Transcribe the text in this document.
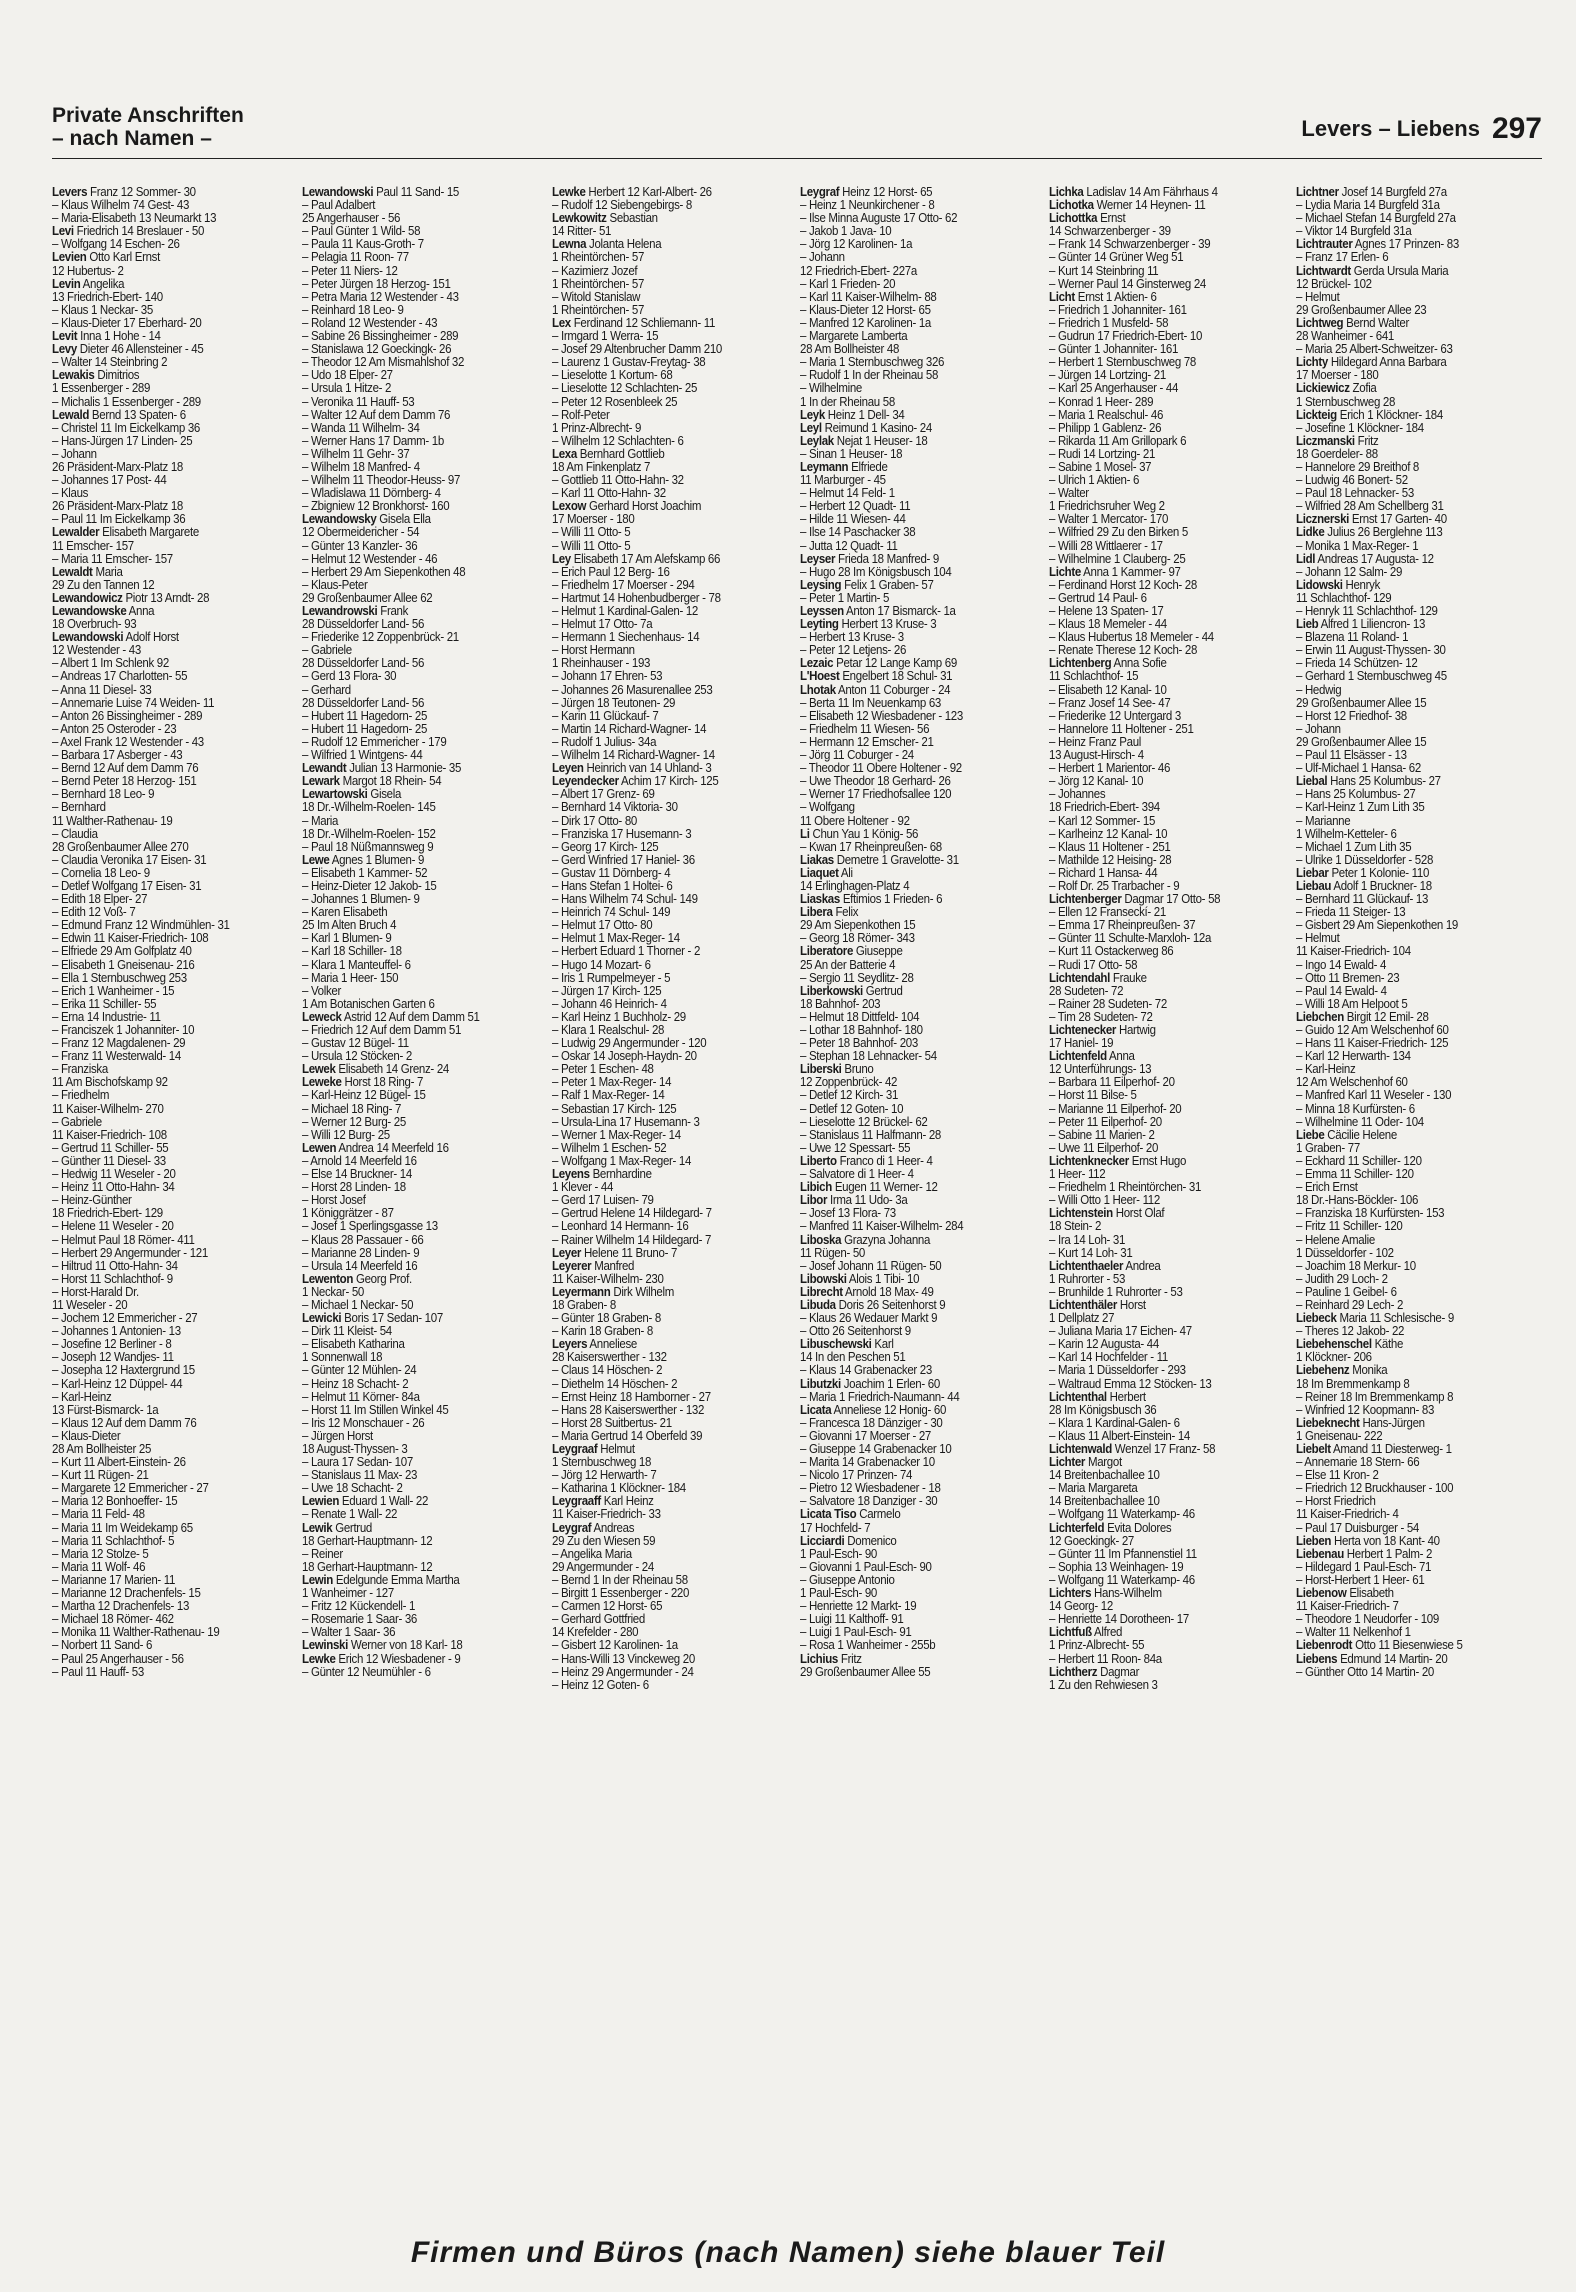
Private Anschriften
– nach Namen –	Levers – Liebens 297
Levers Franz 12 Sommer- 30
– Klaus Wilhelm 74 Gest- 43
– Maria-Elisabeth 13 Neumarkt 13
Levi Friedrich 14 Breslauer - 50
– Wolfgang 14 Eschen- 26
Levien Otto Karl Ernst
12 Hubertus- 2
Levin Angelika
13 Friedrich-Ebert- 140
– Klaus 1 Neckar- 35
– Klaus-Dieter 17 Eberhard- 20
Levit Inna 1 Hohe - 14
Levy Dieter 46 Allensteiner - 45
– Walter 14 Steinbring 2
Lewakis Dimitrios
1 Essenberger - 289
– Michalis 1 Essenberger - 289
Lewald Bernd 13 Spaten- 6
– Christel 11 Im Eickelkamp 36
– Hans-Jürgen 17 Linden- 25
– Johann
26 Präsident-Marx-Platz 18
– Johannes 17 Post- 44
– Klaus
26 Präsident-Marx-Platz 18
– Paul 11 Im Eickelkamp 36
Lewalder Elisabeth Margarete
11 Emscher- 157
– Maria 11 Emscher- 157
Lewaldt Maria
29 Zu den Tannen 12
Lewandowicz Piotr 13 Arndt- 28
Lewandowske Anna
18 Overbruch- 93
Lewandowski Adolf Horst
12 Westender - 43
– Albert 1 Im Schlenk 92
– Andreas 17 Charlotten- 55
– Anna 11 Diesel- 33
– Annemarie Luise 74 Weiden- 11
– Anton 26 Bissingheimer - 289
– Anton 25 Osteroder - 23
– Axel Frank 12 Westender - 43
– Barbara 17 Asberger - 43
– Bernd 12 Auf dem Damm 76
– Bernd Peter 18 Herzog- 151
– Bernhard 18 Leo- 9
– Bernhard
11 Walther-Rathenau- 19
– Claudia
28 Großenbaumer Allee 270
– Claudia Veronika 17 Eisen- 31
– Cornelia 18 Leo- 9
– Detlef Wolfgang 17 Eisen- 31
– Edith 18 Elper- 27
– Edith 12 Voß- 7
– Edmund Franz 12 Windmühlen- 31
– Edwin 11 Kaiser-Friedrich- 108
– Elfriede 29 Am Golfplatz 40
– Elisabeth 1 Gneisenau- 216
– Ella 1 Sternbuschweg 253
– Erich 1 Wanheimer - 15
– Erika 11 Schiller- 55
– Erna 14 Industrie- 11
– Franciszek 1 Johanniter- 10
– Franz 12 Magdalenen- 29
– Franz 11 Westerwald- 14
– Franziska
11 Am Bischofskamp 92
– Friedhelm
11 Kaiser-Wilhelm- 270
– Gabriele
11 Kaiser-Friedrich- 108
– Gertrud 11 Schiller- 55
– Günther 11 Diesel- 33
– Hedwig 11 Weseler - 20
– Heinz 11 Otto-Hahn- 34
– Heinz-Günther
18 Friedrich-Ebert- 129
– Helene 11 Weseler - 20
– Helmut Paul 18 Römer- 411
– Herbert 29 Angermunder - 121
– Hiltrud 11 Otto-Hahn- 34
– Horst 11 Schlachthof- 9
– Horst-Harald Dr.
11 Weseler - 20
– Jochem 12 Emmericher - 27
– Johannes 1 Antonien- 13
– Josefine 12 Berliner - 8
– Joseph 12 Wandjes- 11
– Josepha 12 Haxtergrund 15
– Karl-Heinz 12 Düppel- 44
– Karl-Heinz
13 Fürst-Bismarck- 1a
– Klaus 12 Auf dem Damm 76
– Klaus-Dieter
28 Am Bollheister 25
– Kurt 11 Albert-Einstein- 26
– Kurt 11 Rügen- 21
– Margarete 12 Emmericher - 27
– Maria 12 Bonhoeffer- 15
– Maria 11 Feld- 48
– Maria 11 Im Weidekamp 65
– Maria 11 Schlachthof- 5
– Maria 12 Stolze- 5
– Maria 11 Wolf- 46
– Marianne 17 Marien- 11
– Marianne 12 Drachenfels- 15
– Martha 12 Drachenfels- 13
– Michael 18 Römer- 462
– Monika 11 Walther-Rathenau- 19
– Norbert 11 Sand- 6
– Paul 25 Angerhauser - 56
– Paul 11 Hauff- 53
Lewandowski Paul 11 Sand- 15
– Paul Adalbert
25 Angerhauser - 56
– Paul Günter 1 Wild- 58
– Paula 11 Kaus-Groth- 7
– Pelagia 11 Roon- 77
– Peter 11 Niers- 12
– Peter Jürgen 18 Herzog- 151
– Petra Maria 12 Westender - 43
– Reinhard 18 Leo- 9
– Roland 12 Westender - 43
– Sabine 26 Bissingheimer - 289
– Stanislawa 12 Goeckingk- 26
– Theodor 12 Am Mismahlshof 32
– Udo 18 Elper- 27
– Ursula 1 Hitze- 2
– Veronika 11 Hauff- 53
– Walter 12 Auf dem Damm 76
– Wanda 11 Wilhelm- 34
– Werner Hans 17 Damm- 1b
– Wilhelm 11 Gehr- 37
– Wilhelm 18 Manfred- 4
– Wilhelm 11 Theodor-Heuss- 97
– Wladislawa 11 Dörnberg- 4
– Zbigniew 12 Bronkhorst- 160
Lewandowsky Gisela Ella
12 Obermeidericher - 54
– Günter 13 Kanzler- 36
– Helmut 12 Westender - 46
– Herbert 29 Am Siepenkothen 48
– Klaus-Peter
29 Großenbaumer Allee 62
Lewandrowski Frank
28 Düsseldorfer Land- 56
– Friederike 12 Zoppenbrück- 21
– Gabriele
28 Düsseldorfer Land- 56
– Gerd 13 Flora- 30
– Gerhard
28 Düsseldorfer Land- 56
– Hubert 11 Hagedorn- 25
– Hubert 11 Hagedorn- 25
– Rudolf 12 Emmericher - 179
– Wilfried 1 Wintgens- 44
Lewandt Julian 13 Harmonie- 35
Lewark Margot 18 Rhein- 54
Lewartowski Gisela
18 Dr.-Wilhelm-Roelen- 145
– Maria
18 Dr.-Wilhelm-Roelen- 152
– Paul 18 Nüßmannsweg 9
Lewe Agnes 1 Blumen- 9
– Elisabeth 1 Kammer- 52
– Heinz-Dieter 12 Jakob- 15
– Johannes 1 Blumen- 9
– Karen Elisabeth
25 Im Alten Bruch 4
– Karl 1 Blumen- 9
– Karl 18 Schiller- 18
– Klara 1 Manteuffel- 6
– Maria 1 Heer- 150
– Volker
1 Am Botanischen Garten 6
Leweck Astrid 12 Auf dem Damm 51
– Friedrich 12 Auf dem Damm 51
– Gustav 12 Bügel- 11
– Ursula 12 Stöcken- 2
Lewek Elisabeth 14 Grenz- 24
Leweke Horst 18 Ring- 7
– Karl-Heinz 12 Bügel- 15
– Michael 18 Ring- 7
– Werner 12 Burg- 25
– Willi 12 Burg- 25
Lewen Andrea 14 Meerfeld 16
– Arnold 14 Meerfeld 16
– Else 14 Bruckner- 14
– Horst 28 Linden- 18
– Horst Josef
1 Königgrätzer - 87
– Josef 1 Sperlingsgasse 13
– Klaus 28 Passauer - 66
– Marianne 28 Linden- 9
– Ursula 14 Meerfeld 16
Lewenton Georg Prof.
1 Neckar- 50
– Michael 1 Neckar- 50
Lewicki Boris 17 Sedan- 107
– Dirk 11 Kleist- 54
– Elisabeth Katharina
1 Sonnenwall 18
– Günter 12 Mühlen- 24
– Heinz 18 Schacht- 2
– Helmut 11 Körner- 84a
– Horst 11 Im Stillen Winkel 45
– Iris 12 Monschauer - 26
– Jürgen Horst
18 August-Thyssen- 3
– Laura 17 Sedan- 107
– Stanislaus 11 Max- 23
– Uwe 18 Schacht- 2
Lewien Eduard 1 Wall- 22
– Renate 1 Wall- 22
Lewik Gertrud
18 Gerhart-Hauptmann- 12
– Reiner
18 Gerhart-Hauptmann- 12
Lewin Edelgunde Emma Martha
1 Wanheimer - 127
– Fritz 12 Kückendell- 1
– Rosemarie 1 Saar- 36
– Walter 1 Saar- 36
Lewinski Werner von 18 Karl- 18
Lewke Erich 12 Wiesbadener - 9
– Günter 12 Neumühler - 6
Lewke Herbert 12 Karl-Albert- 26
– Rudolf 12 Siebengebirgs- 8
Lewkowitz Sebastian
14 Ritter- 51
Lewna Jolanta Helena
1 Rheintörchen- 57
– Kazimierz Jozef
1 Rheintörchen- 57
– Witold Stanislaw
1 Rheintörchen- 57
Lex Ferdinand 12 Schliemann- 11
– Irmgard 1 Werra- 15
– Josef 29 Altenbrucher Damm 210
– Laurenz 1 Gustav-Freytag- 38
– Lieselotte 1 Kortum- 68
– Lieselotte 12 Schlachten- 25
– Peter 12 Rosenbleek 25
– Rolf-Peter
1 Prinz-Albrecht- 9
– Wilhelm 12 Schlachten- 6
Lexa Bernhard Gottlieb
18 Am Finkenplatz 7
– Gottlieb 11 Otto-Hahn- 32
– Karl 11 Otto-Hahn- 32
Lexow Gerhard Horst Joachim
17 Moerser - 180
– Willi 11 Otto- 5
– Willi 11 Otto- 5
Ley Elisabeth 17 Am Alefskamp 66
– Erich Paul 12 Berg- 16
– Friedhelm 17 Moerser - 294
– Hartmut 14 Hohenbudberger - 78
– Helmut 1 Kardinal-Galen- 12
– Helmut 17 Otto- 7a
– Hermann 1 Siechenhaus- 14
– Horst Hermann
1 Rheinhauser - 193
– Johann 17 Ehren- 53
– Johannes 26 Masurenallee 253
– Jürgen 18 Teutonen- 29
– Karin 11 Glückauf- 7
– Martin 14 Richard-Wagner- 14
– Rudolf 1 Julius- 34a
– Wilhelm 14 Richard-Wagner- 14
Leyen Heinrich van 14 Uhland- 3
Leyendecker Achim 17 Kirch- 125
– Albert 17 Grenz- 69
– Bernhard 14 Viktoria- 30
– Dirk 17 Otto- 80
– Franziska 17 Husemann- 3
– Georg 17 Kirch- 125
– Gerd Winfried 17 Haniel- 36
– Gustav 11 Dörnberg- 4
– Hans Stefan 1 Holtei- 6
– Hans Wilhelm 74 Schul- 149
– Heinrich 74 Schul- 149
– Helmut 17 Otto- 80
– Helmut 1 Max-Reger- 14
– Herbert Eduard 1 Thorner - 2
– Hugo 14 Mozart- 6
– Iris 1 Rumpelmeyer - 5
– Jürgen 17 Kirch- 125
– Johann 46 Heinrich- 4
– Karl Heinz 1 Buchholz- 29
– Klara 1 Realschul- 28
– Ludwig 29 Angermunder - 120
– Oskar 14 Joseph-Haydn- 20
– Peter 1 Eschen- 48
– Peter 1 Max-Reger- 14
– Ralf 1 Max-Reger- 14
– Sebastian 17 Kirch- 125
– Ursula-Lina 17 Husemann- 3
– Werner 1 Max-Reger- 14
– Wilhelm 1 Eschen- 52
– Wolfgang 1 Max-Reger- 14
Leyens Bernhardine
1 Klever - 44
– Gerd 17 Luisen- 79
– Gertrud Helene 14 Hildegard- 7
– Leonhard 14 Hermann- 16
– Rainer Wilhelm 14 Hildegard- 7
Leyer Helene 11 Bruno- 7
Leyerer Manfred
11 Kaiser-Wilhelm- 230
Leyermann Dirk Wilhelm
18 Graben- 8
– Günter 18 Graben- 8
– Karin 18 Graben- 8
Leyers Anneliese
28 Kaiserswerther - 132
– Claus 14 Höschen- 2
– Diethelm 14 Höschen- 2
– Ernst Heinz 18 Hamborner - 27
– Hans 28 Kaiserswerther - 132
– Horst 28 Suitbertus- 21
– Maria Gertrud 14 Oberfeld 39
Leygraaf Helmut
1 Sternbuschweg 18
– Jörg 12 Herwarth- 7
– Katharina 1 Klöckner- 184
Leygraaff Karl Heinz
11 Kaiser-Friedrich- 33
Leygraf Andreas
29 Zu den Wiesen 59
– Angelika Maria
29 Angermunder - 24
– Bernd 1 In der Rheinau 58
– Birgitt 1 Essenberger - 220
– Carmen 12 Horst- 65
– Gerhard Gottfried
14 Krefelder - 280
– Gisbert 12 Karolinen- 1a
– Hans-Willi 13 Vinckeweg 20
– Heinz 29 Angermunder - 24
– Heinz 12 Goten- 6
Leygraf Heinz 12 Horst- 65
– Heinz 1 Neunkirchener - 8
– Ilse Minna Auguste 17 Otto- 62
– Jakob 1 Java- 10
– Jörg 12 Karolinen- 1a
– Johann
12 Friedrich-Ebert- 227a
– Karl 1 Frieden- 20
– Karl 11 Kaiser-Wilhelm- 88
– Klaus-Dieter 12 Horst- 65
– Manfred 12 Karolinen- 1a
– Margarete Lamberta
28 Am Bollheister 48
– Maria 1 Sternbuschweg 326
– Rudolf 1 In der Rheinau 58
– Wilhelmine
1 In der Rheinau 58
Leyk Heinz 1 Dell- 34
Leyl Reimund 1 Kasino- 24
Leylak Nejat 1 Heuser- 18
– Sinan 1 Heuser- 18
Leymann Elfriede
11 Marburger - 45
– Helmut 14 Feld- 1
– Herbert 12 Quadt- 11
– Hilde 11 Wiesen- 44
– Ilse 14 Paschacker 38
– Jutta 12 Quadt- 11
Leyser Frieda 18 Manfred- 9
– Hugo 28 Im Königsbusch 104
Leysing Felix 1 Graben- 57
– Peter 1 Martin- 5
Leyssen Anton 17 Bismarck- 1a
Leyting Herbert 13 Kruse- 3
– Herbert 13 Kruse- 3
– Peter 12 Letjens- 26
Lezaic Petar 12 Lange Kamp 69
L'Hoest Engelbert 18 Schul- 31
Lhotak Anton 11 Coburger - 24
– Berta 11 Im Neuenkamp 63
– Elisabeth 12 Wiesbadener - 123
– Friedhelm 11 Wiesen- 56
– Hermann 12 Emscher- 21
– Jörg 11 Coburger - 24
– Theodor 11 Obere Holtener - 92
– Uwe Theodor 18 Gerhard- 26
– Werner 17 Friedhofsallee 120
– Wolfgang
11 Obere Holtener - 92
Li Chun Yau 1 König- 56
– Kwan 17 Rheinpreußen- 68
Liakas Demetre 1 Gravelotte- 31
Liaquet Ali
14 Erlinghagen-Platz 4
Liaskas Eftimios 1 Frieden- 6
Libera Felix
29 Am Siepenkothen 15
– Georg 18 Römer- 343
Liberatore Giuseppe
25 An der Batterie 4
– Sergio 11 Seydlitz- 28
Liberkowski Gertrud
18 Bahnhof- 203
– Helmut 18 Dittfeld- 104
– Lothar 18 Bahnhof- 180
– Peter 18 Bahnhof- 203
– Stephan 18 Lehnacker- 54
Liberski Bruno
12 Zoppenbrück- 42
– Detlef 12 Kirch- 31
– Detlef 12 Goten- 10
– Lieselotte 12 Brückel- 62
– Stanislaus 11 Halfmann- 28
– Uwe 12 Spessart- 55
Liberto Franco di 1 Heer- 4
– Salvatore di 1 Heer- 4
Libich Eugen 11 Werner- 12
Libor Irma 11 Udo- 3a
– Josef 13 Flora- 73
– Manfred 11 Kaiser-Wilhelm- 284
Liboska Grazyna Johanna
11 Rügen- 50
– Josef Johann 11 Rügen- 50
Libowski Alois 1 Tibi- 10
Librecht Arnold 18 Max- 49
Libuda Doris 26 Seitenhorst 9
– Klaus 26 Wedauer Markt 9
– Otto 26 Seitenhorst 9
Libuschewski Karl
14 In den Peschen 51
– Klaus 14 Grabenacker 23
Libutzki Joachim 1 Erlen- 60
– Maria 1 Friedrich-Naumann- 44
Licata Anneliese 12 Honig- 60
– Francesca 18 Dänziger - 30
– Giovanni 17 Moerser - 27
– Giuseppe 14 Grabenacker 10
– Marita 14 Grabenacker 10
– Nicolo 17 Prinzen- 74
– Pietro 12 Wiesbadener - 18
– Salvatore 18 Danziger - 30
Licata Tiso Carmelo
17 Hochfeld- 7
Licciardi Domenico
1 Paul-Esch- 90
– Giovanni 1 Paul-Esch- 90
– Giuseppe Antonio
1 Paul-Esch- 90
– Henriette 12 Markt- 19
– Luigi 11 Kalthoff- 91
– Luigi 1 Paul-Esch- 91
– Rosa 1 Wanheimer - 255b
Lichius Fritz
29 Großenbaumer Allee 55
Lichka Ladislav 14 Am Fährhaus 4
Lichotka Werner 14 Heynen- 11
Lichottka Ernst
14 Schwarzenberger - 39
– Frank 14 Schwarzenberger - 39
– Günter 14 Grüner Weg 51
– Kurt 14 Steinbring 11
– Werner Paul 14 Ginsterweg 24
Licht Ernst 1 Aktien- 6
– Friedrich 1 Johanniter- 161
– Friedrich 1 Musfeld- 58
– Gudrun 17 Friedrich-Ebert- 10
– Günter 1 Johanniter- 161
– Herbert 1 Sternbuschweg 78
– Jürgen 14 Lortzing- 21
– Karl 25 Angerhauser - 44
– Konrad 1 Heer- 289
– Maria 1 Realschul- 46
– Philipp 1 Gablenz- 26
– Rikarda 11 Am Grillopark 6
– Rudi 14 Lortzing- 21
– Sabine 1 Mosel- 37
– Ulrich 1 Aktien- 6
– Walter
1 Friedrichsruher Weg 2
– Walter 1 Mercator- 170
– Wilfried 29 Zu den Birken 5
– Willi 28 Wittlaerer - 17
– Wilhelmine 1 Clauberg- 25
Lichte Anna 1 Kammer- 97
– Ferdinand Horst 12 Koch- 28
– Gertrud 14 Paul- 6
– Helene 13 Spaten- 17
– Klaus 18 Memeler - 44
– Klaus Hubertus 18 Memeler - 44
– Renate Therese 12 Koch- 28
Lichtenberg Anna Sofie
11 Schlachthof- 15
– Elisabeth 12 Kanal- 10
– Franz Josef 14 See- 47
– Friederike 12 Untergard 3
– Hannelore 11 Holtener - 251
– Heinz Franz Paul
13 August-Hirsch- 4
– Herbert 1 Marientor- 46
– Jörg 12 Kanal- 10
– Johannes
18 Friedrich-Ebert- 394
– Karl 12 Sommer- 15
– Karlheinz 12 Kanal- 10
– Klaus 11 Holtener - 251
– Mathilde 12 Heising- 28
– Richard 1 Hansa- 44
– Rolf Dr. 25 Trarbacher - 9
Lichtenberger Dagmar 17 Otto- 58
– Ellen 12 Franseckí- 21
– Emma 17 Rheinpreußen- 37
– Günter 11 Schulte-Marxloh- 12a
– Kurt 11 Ostackerweg 86
– Rudi 17 Otto- 58
Lichtendahl Frauke
28 Sudeten- 72
– Rainer 28 Sudeten- 72
– Tim 28 Sudeten- 72
Lichtenecker Hartwig
17 Haniel- 19
Lichtenfeld Anna
12 Unterführungs- 13
– Barbara 11 Eilperhof- 20
– Horst 11 Bilse- 5
– Marianne 11 Eilperhof- 20
– Peter 11 Eilperhof- 20
– Sabine 11 Marien- 2
– Uwe 11 Eilperhof- 20
Lichtenknecker Ernst Hugo
1 Heer- 112
– Friedhelm 1 Rheintörchen- 31
– Willi Otto 1 Heer- 112
Lichtenstein Horst Olaf
18 Stein- 2
– Ira 14 Loh- 31
– Kurt 14 Loh- 31
Lichtenthaeler Andrea
1 Ruhrorter - 53
– Brunhilde 1 Ruhrorter - 53
Lichtenthäler Horst
1 Dellplatz 27
– Juliana Maria 17 Eichen- 47
– Karin 12 Augusta- 44
– Karl 14 Hochfelder - 11
– Maria 1 Düsseldorfer - 293
– Waltraud Emma 12 Stöcken- 13
Lichtenthal Herbert
28 Im Königsbusch 36
– Klara 1 Kardinal-Galen- 6
– Klaus 11 Albert-Einstein- 14
Lichtenwald Wenzel 17 Franz- 58
Lichter Margot
14 Breitenbachallee 10
– Maria Margareta
14 Breitenbachallee 10
– Wolfgang 11 Waterkamp- 46
Lichterfeld Evita Dolores
12 Goeckingk- 27
– Günter 11 Im Pfannenstiel 11
– Sophia 13 Weinhagen- 19
– Wolfgang 11 Waterkamp- 46
Lichters Hans-Wilhelm
14 Georg- 12
– Henriette 14 Dorotheen- 17
Lichtfuß Alfred
1 Prinz-Albrecht- 55
– Herbert 11 Roon- 84a
Lichtherz Dagmar
1 Zu den Rehwiesen 3
Lichtner Josef 14 Burgfeld 27a
– Lydia Maria 14 Burgfeld 31a
– Michael Stefan 14 Burgfeld 27a
– Viktor 14 Burgfeld 31a
Lichtrauter Agnes 17 Prinzen- 83
– Franz 17 Erlen- 6
Lichtwardt Gerda Ursula Maria
12 Brückel- 102
– Helmut
29 Großenbaumer Allee 23
Lichtweg Bernd Walter
28 Wanheimer - 641
– Maria 25 Albert-Schweitzer- 63
Lichty Hildegard Anna Barbara
17 Moerser - 180
Lickiewicz Zofia
1 Sternbuschweg 28
Lickteig Erich 1 Klöckner- 184
– Josefine 1 Klöckner- 184
Liczmanski Fritz
18 Goerdeler- 88
– Hannelore 29 Breithof 8
– Ludwig 46 Bonert- 52
– Paul 18 Lehnacker- 53
– Wilfried 28 Am Schellberg 31
Licznerski Ernst 17 Garten- 40
Lidke Julius 26 Berglehne 113
– Monika 1 Max-Reger- 1
Lidl Andreas 17 Augusta- 12
– Johann 12 Salm- 29
Lidowski Henryk
11 Schlachthof- 129
– Henryk 11 Schlachthof- 129
Lieb Alfred 1 Liliencron- 13
– Blazena 11 Roland- 1
– Erwin 11 August-Thyssen- 30
– Frieda 14 Schützen- 12
– Gerhard 1 Sternbuschweg 45
– Hedwig
29 Großenbaumer Allee 15
– Horst 12 Friedhof- 38
– Johann
29 Großenbaumer Allee 15
– Paul 11 Elsässer - 13
– Ulf-Michael 1 Hansa- 62
Liebal Hans 25 Kolumbus- 27
– Hans 25 Kolumbus- 27
– Karl-Heinz 1 Zum Lith 35
– Marianne
1 Wilhelm-Ketteler- 6
– Michael 1 Zum Lith 35
– Ulrike 1 Düsseldorfer - 528
Liebar Peter 1 Kolonie- 110
Liebau Adolf 1 Bruckner- 18
– Bernhard 11 Glückauf- 13
– Frieda 11 Steiger- 13
– Gisbert 29 Am Siepenkothen 19
– Helmut
11 Kaiser-Friedrich- 104
– Ingo 14 Ewald- 4
– Otto 11 Bremen- 23
– Paul 14 Ewald- 4
– Willi 18 Am Helpoot 5
Liebchen Birgit 12 Emil- 28
– Guido 12 Am Welschenhof 60
– Hans 11 Kaiser-Friedrich- 125
– Karl 12 Herwarth- 134
– Karl-Heinz
12 Am Welschenhof 60
– Manfred Karl 11 Weseler - 130
– Minna 18 Kurfürsten- 6
– Wilhelmine 11 Oder- 104
Liebe Cäcilie Helene
1 Graben- 77
– Eckhard 11 Schiller- 120
– Emma 11 Schiller- 120
– Erich Ernst
18 Dr.-Hans-Böckler- 106
– Franziska 18 Kurfürsten- 153
– Fritz 11 Schiller- 120
– Helene Amalie
1 Düsseldorfer - 102
– Joachim 18 Merkur- 10
– Judith 29 Loch- 2
– Pauline 1 Geibel- 6
– Reinhard 29 Lech- 2
Liebeck Maria 11 Schlesische- 9
– Theres 12 Jakob- 22
Liebehenschel Käthe
1 Klöckner- 206
Liebehenz Monika
18 Im Bremmenkamp 8
– Reiner 18 Im Bremmenkamp 8
– Winfried 12 Koopmann- 83
Liebeknecht Hans-Jürgen
1 Gneisenau- 222
Liebelt Amand 11 Diesterweg- 1
– Annemarie 18 Stern- 66
– Else 11 Kron- 2
– Friedrich 12 Bruckhauser - 100
– Horst Friedrich
11 Kaiser-Friedrich- 4
– Paul 17 Duisburger - 54
Lieben Herta von 18 Kant- 40
Liebenau Herbert 1 Palm- 2
– Hildegard 1 Paul-Esch- 71
– Horst-Herbert 1 Heer- 61
Liebenow Elisabeth
11 Kaiser-Friedrich- 7
– Theodore 1 Neudorfer - 109
– Walter 11 Nelkenhof 1
Liebenrodt Otto 11 Biesenwiese 5
Liebens Edmund 14 Martin- 20
– Günther Otto 14 Martin- 20
Firmen und Büros (nach Namen) siehe blauer Teil
